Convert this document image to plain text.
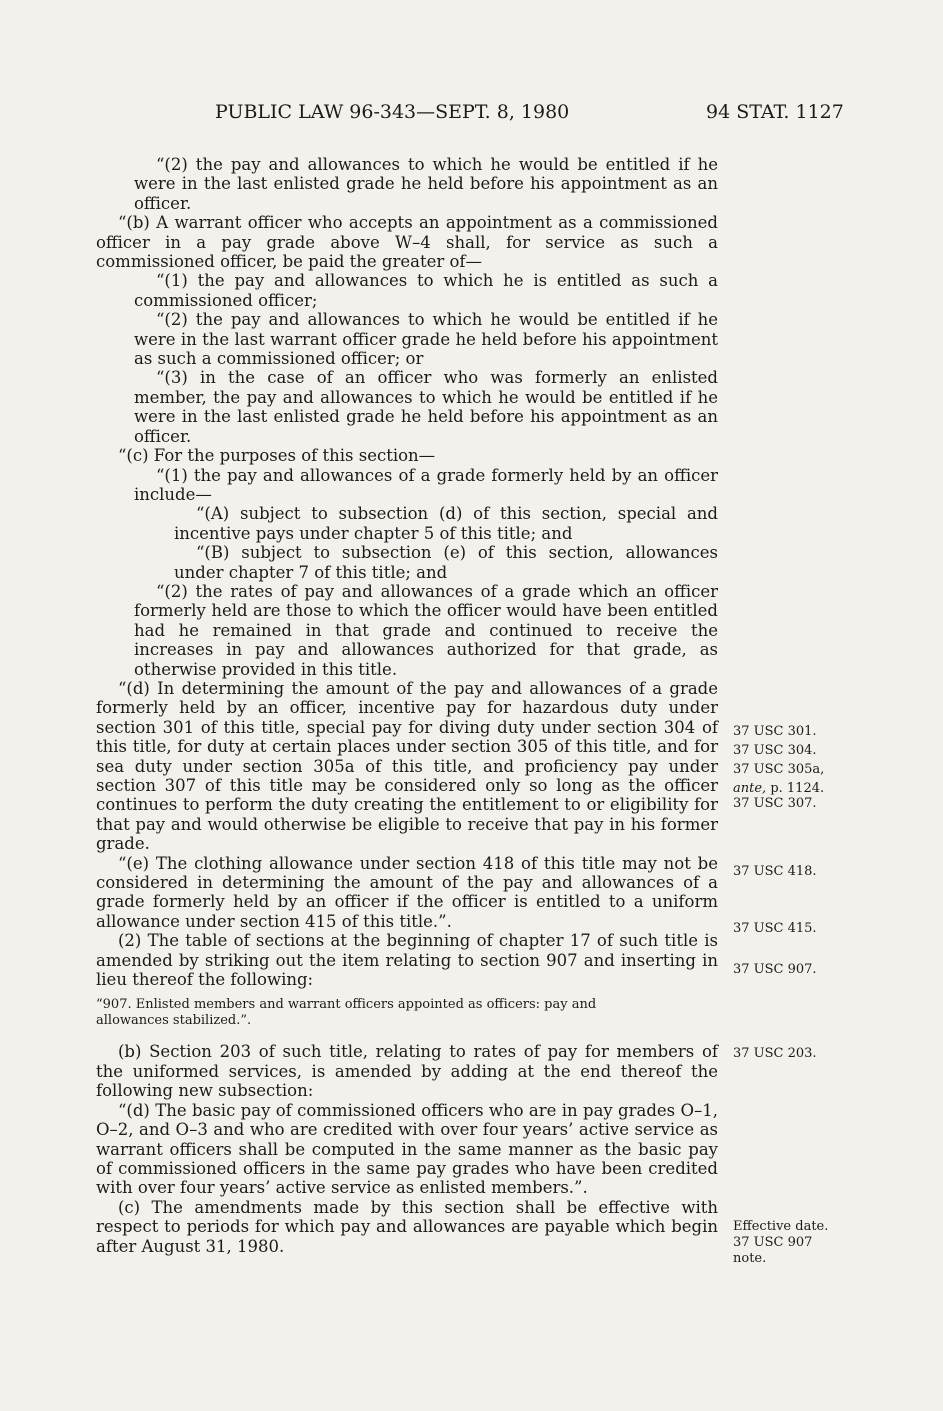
PUBLIC LAW 96-343—SEPT. 8, 1980	94 STAT. 1127

“(2) the pay and allowances to which he would be entitled if he were in the last enlisted grade he held before his appointment as an officer.

“(b) A warrant officer who accepts an appointment as a commissioned officer in a pay grade above W–4 shall, for service as such a commissioned officer, be paid the greater of—

“(1) the pay and allowances to which he is entitled as such a commissioned officer;

“(2) the pay and allowances to which he would be entitled if he were in the last warrant officer grade he held before his appointment as such a commissioned officer; or

“(3) in the case of an officer who was formerly an enlisted member, the pay and allowances to which he would be entitled if he were in the last enlisted grade he held before his appointment as an officer.

“(c) For the purposes of this section—

“(1) the pay and allowances of a grade formerly held by an officer include—

“(A) subject to subsection (d) of this section, special and incentive pays under chapter 5 of this title; and

“(B) subject to subsection (e) of this section, allowances under chapter 7 of this title; and

“(2) the rates of pay and allowances of a grade which an officer formerly held are those to which the officer would have been entitled had he remained in that grade and continued to receive the increases in pay and allowances authorized for that grade, as otherwise provided in this title.

“(d) In determining the amount of the pay and allowances of a grade formerly held by an officer, incentive pay for hazardous duty under section 301 of this title, special pay for diving duty under section 304 of this title, for duty at certain places under section 305 of this title, and for sea duty under section 305a of this title, and proficiency pay under section 307 of this title may be considered only so long as the officer continues to perform the duty creating the entitlement to or eligibility for that pay and would otherwise be eligible to receive that pay in his former grade.

“(e) The clothing allowance under section 418 of this title may not be considered in determining the amount of the pay and allowances of a grade formerly held by an officer if the officer is entitled to a uniform allowance under section 415 of this title.”.

(2) The table of sections at the beginning of chapter 17 of such title is amended by striking out the item relating to section 907 and inserting in lieu thereof the following:

“907. Enlisted members and warrant officers appointed as officers: pay and
allowances stabilized.”.

(b) Section 203 of such title, relating to rates of pay for members of the uniformed services, is amended by adding at the end thereof the following new subsection:

“(d) The basic pay of commissioned officers who are in pay grades O–1, O–2, and O–3 and who are credited with over four years’ active service as warrant officers shall be computed in the same manner as the basic pay of commissioned officers in the same pay grades who have been credited with over four years’ active service as enlisted members.”.

(c) The amendments made by this section shall be effective with respect to periods for which pay and allowances are payable which begin after August 31, 1980.

37 USC 301.
37 USC 304.
37 USC 305a,
ante, p. 1124.
37 USC 307.
37 USC 418.
37 USC 415.
37 USC 907.
37 USC 203.
Effective date.
37 USC 907
note.
